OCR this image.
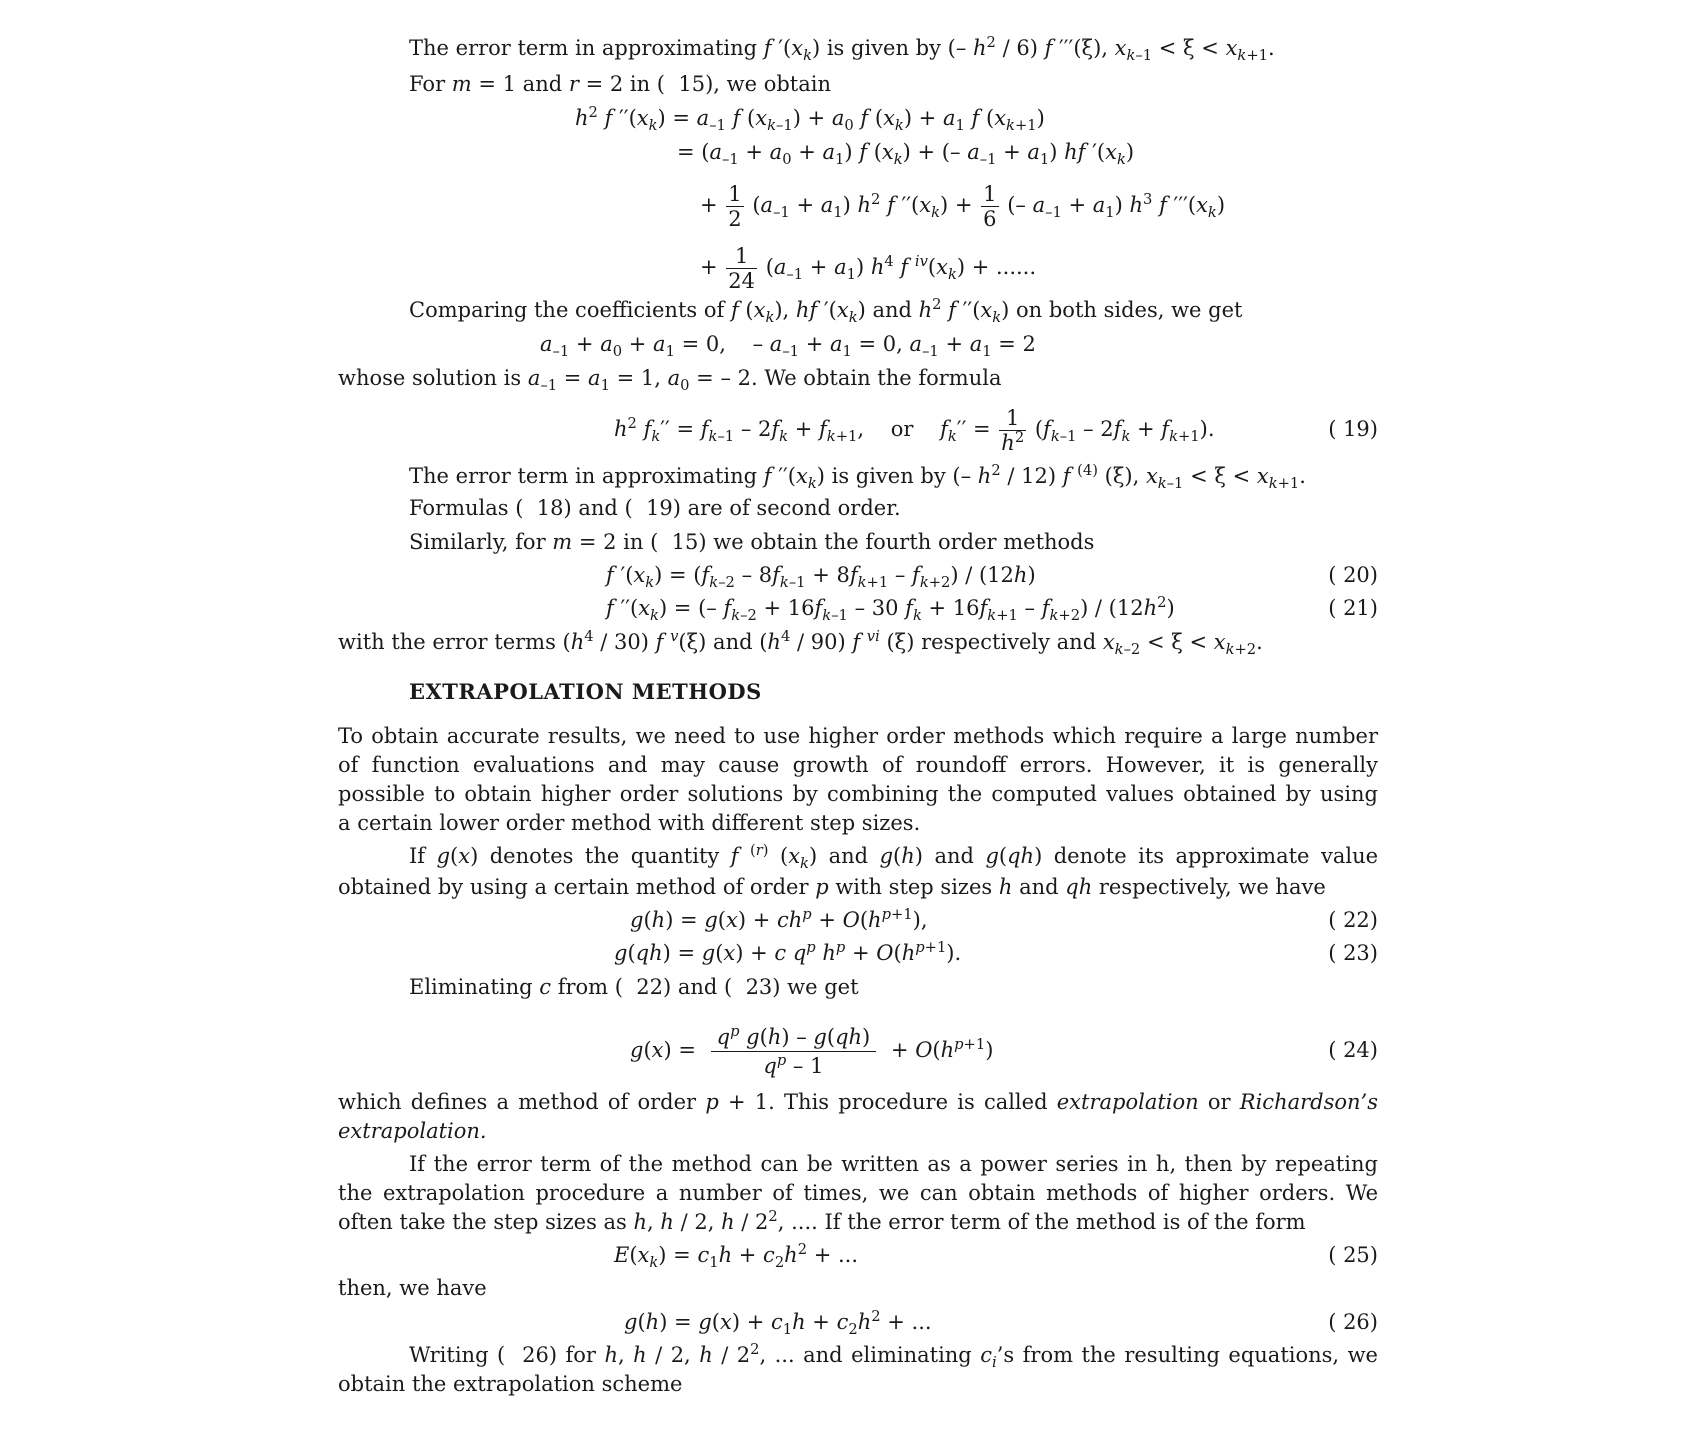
The error term in approximating f $'(x_k)$ is given by (– $h^2 / 6$) f ′′′(ξ), $x_{k-1} < \xi < x_{k+1}$.
For m = 1 and r = 2 in (  15), we obtain
$h^2$ f $''(x_k) = a_{-1}$ f $(x_{k-1}) + a_0$ f $(x_k) + a_1$ f $(x_{k+1})$
= $(a_{-1} + a_0 + a_1)$ f $(x_k)$ + (– $a_{-1} + a_1$) hf $'(x_k)$
+ $\frac{1}{2} (a_{-1} + a_1)$ $h^2$ f $''(x_k) + \frac{1}{6}$ (– $a_{-1} + a_1$) $h^3$ f $'''(x_k)$
+ $\frac{1}{24} (a_{-1} + a_1)$ $h^4$ f $^{iv}(x_k)$ + ......
Comparing the coefficients of f $(x_k)$, hf $'(x_k)$ and $h^2$ f $''(x_k)$ on both sides, we get
$a_{-1} + a_0 + a_1 = 0$,    – $a_{-1} + a_1 = 0$, $a_{-1} + a_1 = 2$
whose solution is $a_{-1} = a_1 = 1$, $a_0$ = – 2. We obtain the formula
$h^2$ $f_k'' = f_{k-1} - 2f_k + f_{k+1}$,    or    $f_k'' = \frac{1}{h^2} (f_{k-1} - 2f_k + f_{k+1})$.	( 19)
The error term in approximating f $''(x_k)$ is given by (– $h^2 / 12$) f $^{(4)}$ (ξ), $x_{k-1} < \xi < x_{k+1}$.
Formulas (  18) and (  19) are of second order.
Similarly, for m = 2 in (  15) we obtain the fourth order methods
f $'(x_k) = (f_{k-2} - 8f_{k-1} + 8f_{k+1} - f_{k+2}) / (12h)$	( 20)
f $''(x_k)$ = (– $f_{k-2} + 16f_{k-1} - 30$ $f_k + 16f_{k+1} - f_{k+2}) / (12h^2)$	( 21)
with the error terms $(h^4 / 30)$ f $^v$(ξ) and $(h^4 / 90)$ f $^{vi}$ (ξ) respectively and $x_{k-2} < \xi < x_{k+2}$.
EXTRAPOLATION METHODS
To obtain accurate results, we need to use higher order methods which require a large number
of function evaluations and may cause growth of roundoff errors. However, it is generally
possible to obtain higher order solutions by combining the computed values obtained by using
a certain lower order method with different step sizes.
If g(x) denotes the quantity f $^{(r)}$ $(x_k)$ and g(h) and g(qh) denote its approximate value
obtained by using a certain method of order p with step sizes h and qh respectively, we have
$g(h) = g(x) + ch^p + O(h^{p+1})$,	( 22)
g(qh) = g(x) + c $q^p$ $h^p + O(h^{p+1})$.	( 23)
Eliminating c from (  22) and (  23) we get
$g(x) = \frac{q^p g(h) - g(qh)}{q^p - 1} + O(h^{p+1})$	( 24)
which defines a method of order p + 1. This procedure is called extrapolation or Richardson’s
extrapolation.
If the error term of the method can be written as a power series in h, then by repeating
the extrapolation procedure a number of times, we can obtain methods of higher orders. We
often take the step sizes as h, h / 2, h / $2^2$, .... If the error term of the method is of the form
$E(x_k) = c_1h + c_2h^2$ + ...	( 25)
then, we have
$g(h) = g(x) + c_1h + c_2h^2$ + ...	( 26)
Writing (  26) for h, h / 2, h / $2^2$, ... and eliminating $c_i’s$ from the resulting equations, we
obtain the extrapolation scheme
